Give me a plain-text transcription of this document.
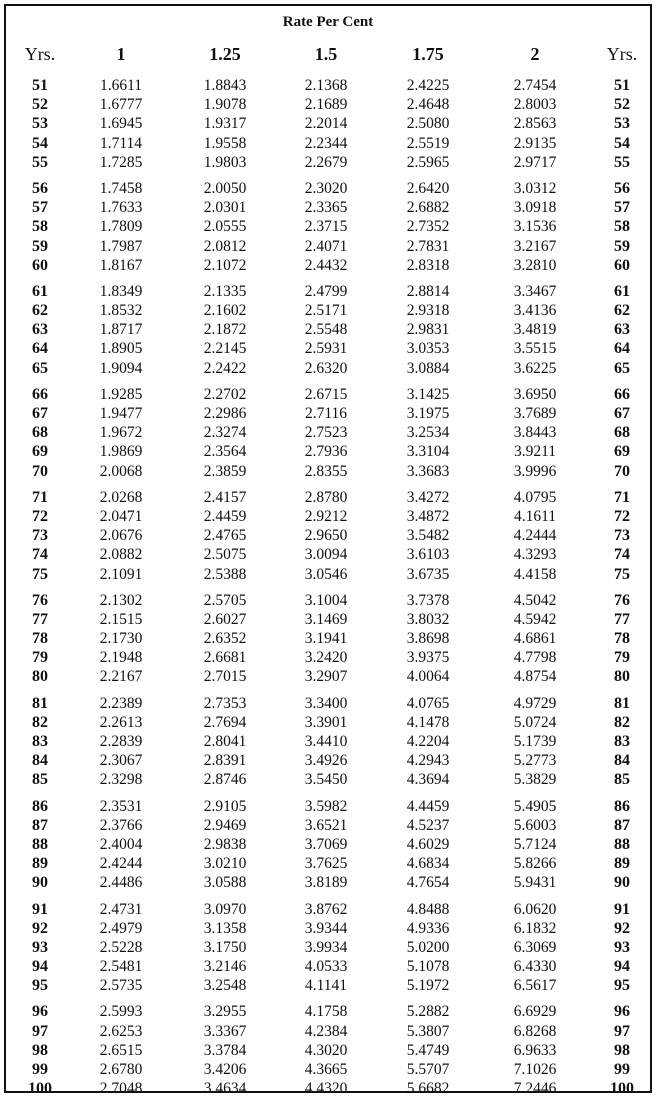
Rate Per Cent
Yrs.	1	1.25	1.5	1.75	2	Yrs.
51	1.6611	1.8843	2.1368	2.4225	2.7454	51
52	1.6777	1.9078	2.1689	2.4648	2.8003	52
53	1.6945	1.9317	2.2014	2.5080	2.8563	53
54	1.7114	1.9558	2.2344	2.5519	2.9135	54
55	1.7285	1.9803	2.2679	2.5965	2.9717	55
56	1.7458	2.0050	2.3020	2.6420	3.0312	56
57	1.7633	2.0301	2.3365	2.6882	3.0918	57
58	1.7809	2.0555	2.3715	2.7352	3.1536	58
59	1.7987	2.0812	2.4071	2.7831	3.2167	59
60	1.8167	2.1072	2.4432	2.8318	3.2810	60
61	1.8349	2.1335	2.4799	2.8814	3.3467	61
62	1.8532	2.1602	2.5171	2.9318	3.4136	62
63	1.8717	2.1872	2.5548	2.9831	3.4819	63
64	1.8905	2.2145	2.5931	3.0353	3.5515	64
65	1.9094	2.2422	2.6320	3.0884	3.6225	65
66	1.9285	2.2702	2.6715	3.1425	3.6950	66
67	1.9477	2.2986	2.7116	3.1975	3.7689	67
68	1.9672	2.3274	2.7523	3.2534	3.8443	68
69	1.9869	2.3564	2.7936	3.3104	3.9211	69
70	2.0068	2.3859	2.8355	3.3683	3.9996	70
71	2.0268	2.4157	2.8780	3.4272	4.0795	71
72	2.0471	2.4459	2.9212	3.4872	4.1611	72
73	2.0676	2.4765	2.9650	3.5482	4.2444	73
74	2.0882	2.5075	3.0094	3.6103	4.3293	74
75	2.1091	2.5388	3.0546	3.6735	4.4158	75
76	2.1302	2.5705	3.1004	3.7378	4.5042	76
77	2.1515	2.6027	3.1469	3.8032	4.5942	77
78	2.1730	2.6352	3.1941	3.8698	4.6861	78
79	2.1948	2.6681	3.2420	3.9375	4.7798	79
80	2.2167	2.7015	3.2907	4.0064	4.8754	80
81	2.2389	2.7353	3.3400	4.0765	4.9729	81
82	2.2613	2.7694	3.3901	4.1478	5.0724	82
83	2.2839	2.8041	3.4410	4.2204	5.1739	83
84	2.3067	2.8391	3.4926	4.2943	5.2773	84
85	2.3298	2.8746	3.5450	4.3694	5.3829	85
86	2.3531	2.9105	3.5982	4.4459	5.4905	86
87	2.3766	2.9469	3.6521	4.5237	5.6003	87
88	2.4004	2.9838	3.7069	4.6029	5.7124	88
89	2.4244	3.0210	3.7625	4.6834	5.8266	89
90	2.4486	3.0588	3.8189	4.7654	5.9431	90
91	2.4731	3.0970	3.8762	4.8488	6.0620	91
92	2.4979	3.1358	3.9344	4.9336	6.1832	92
93	2.5228	3.1750	3.9934	5.0200	6.3069	93
94	2.5481	3.2146	4.0533	5.1078	6.4330	94
95	2.5735	3.2548	4.1141	5.1972	6.5617	95
96	2.5993	3.2955	4.1758	5.2882	6.6929	96
97	2.6253	3.3367	4.2384	5.3807	6.8268	97
98	2.6515	3.3784	4.3020	5.4749	6.9633	98
99	2.6780	3.4206	4.3665	5.5707	7.1026	99
100	2.7048	3.4634	4.4320	5.6682	7.2446	100
